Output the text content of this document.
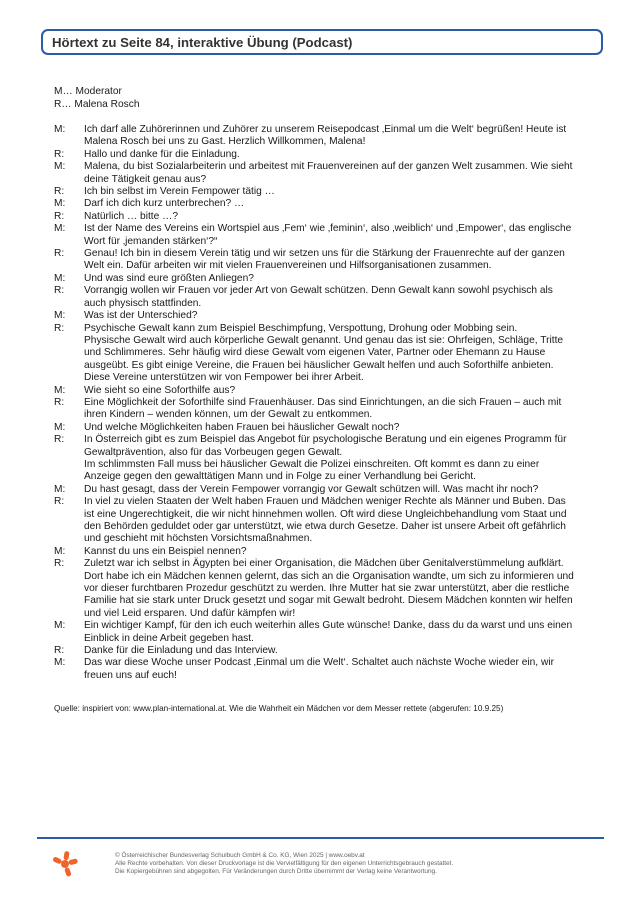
Hörtext zu Seite 84, interaktive Übung (Podcast)
M… Moderator
R… Malena Rosch
M:	Ich darf alle Zuhörerinnen und Zuhörer zu unserem Reisepodcast ‚Einmal um die Welt‘ begrüßen! Heute ist
Malena Rosch bei uns zu Gast. Herzlich Willkommen, Malena!
R:	Hallo und danke für die Einladung.
M:	Malena, du bist Sozialarbeiterin und arbeitest mit Frauenvereinen auf der ganzen Welt zusammen. Wie sieht
deine Tätigkeit genau aus?
R:	Ich bin selbst im Verein Fempower tätig …
M:	Darf ich dich kurz unterbrechen? …
R:	Natürlich … bitte …?
M:	Ist der Name des Vereins ein Wortspiel aus ‚Fem‘ wie ‚feminin‘, also ‚weiblich‘ und ‚Empower‘, das englische
Wort für ‚jemanden stärken‘?“
R:	Genau! Ich bin in diesem Verein tätig und wir setzen uns für die Stärkung der Frauenrechte auf der ganzen
Welt ein. Dafür arbeiten wir mit vielen Frauenvereinen und Hilfsorganisationen zusammen.
M:	Und was sind eure größten Anliegen?
R:	Vorrangig wollen wir Frauen vor jeder Art von Gewalt schützen. Denn Gewalt kann sowohl psychisch als
auch physisch stattfinden.
M:	Was ist der Unterschied?
R:	Psychische Gewalt kann zum Beispiel Beschimpfung, Verspottung, Drohung oder Mobbing sein.
Physische Gewalt wird auch körperliche Gewalt genannt. Und genau das ist sie: Ohrfeigen, Schläge, Tritte
und Schlimmeres. Sehr häufig wird diese Gewalt vom eigenen Vater, Partner oder Ehemann zu Hause
ausgeübt. Es gibt einige Vereine, die Frauen bei häuslicher Gewalt helfen und auch Soforthilfe anbieten.
Diese Vereine unterstützen wir von Fempower bei ihrer Arbeit.
M:	Wie sieht so eine Soforthilfe aus?
R:	Eine Möglichkeit der Soforthilfe sind Frauenhäuser. Das sind Einrichtungen, an die sich Frauen – auch mit
ihren Kindern – wenden können, um der Gewalt zu entkommen.
M:	Und welche Möglichkeiten haben Frauen bei häuslicher Gewalt noch?
R:	In Österreich gibt es zum Beispiel das Angebot für psychologische Beratung und ein eigenes Programm für
Gewaltprävention, also für das Vorbeugen gegen Gewalt.
Im schlimmsten Fall muss bei häuslicher Gewalt die Polizei einschreiten. Oft kommt es dann zu einer
Anzeige gegen den gewalttätigen Mann und in Folge zu einer Verhandlung bei Gericht.
M:	Du hast gesagt, dass der Verein Fempower vorrangig vor Gewalt schützen will. Was macht ihr noch?
R:	In viel zu vielen Staaten der Welt haben Frauen und Mädchen weniger Rechte als Männer und Buben. Das
ist eine Ungerechtigkeit, die wir nicht hinnehmen wollen. Oft wird diese Ungleichbehandlung vom Staat und
den Behörden geduldet oder gar unterstützt, wie etwa durch Gesetze. Daher ist unsere Arbeit oft gefährlich
und geschieht mit höchsten Vorsichtsmaßnahmen.
M:	Kannst du uns ein Beispiel nennen?
R:	Zuletzt war ich selbst in Ägypten bei einer Organisation, die Mädchen über Genitalverstümmelung aufklärt.
Dort habe ich ein Mädchen kennen gelernt, das sich an die Organisation wandte, um sich zu informieren und
vor dieser furchtbaren Prozedur geschützt zu werden. Ihre Mutter hat sie zwar unterstützt, aber die restliche
Familie hat sie stark unter Druck gesetzt und sogar mit Gewalt bedroht. Diesem Mädchen konnten wir helfen
und viel Leid ersparen. Und dafür kämpfen wir!
M:	Ein wichtiger Kampf, für den ich euch weiterhin alles Gute wünsche! Danke, dass du da warst und uns einen
Einblick in deine Arbeit gegeben hast.
R:	Danke für die Einladung und das Interview.
M:	Das war diese Woche unser Podcast ‚Einmal um die Welt‘. Schaltet auch nächste Woche wieder ein, wir
freuen uns auf euch!
Quelle: inspiriert von: www.plan-international.at. Wie die Wahrheit ein Mädchen vor dem Messer rettete (abgerufen: 10.9.25)
© Österreichischer Bundesverlag Schulbuch GmbH & Co. KG, Wien 2025 | www.oebv.at
Alle Rechte vorbehalten. Von dieser Druckvorlage ist die Vervielfältigung für den eigenen Unterrichtsgebrauch gestattet.
Die Kopiergebühren sind abgegolten. Für Veränderungen durch Dritte übernimmt der Verlag keine Verantwortung.
